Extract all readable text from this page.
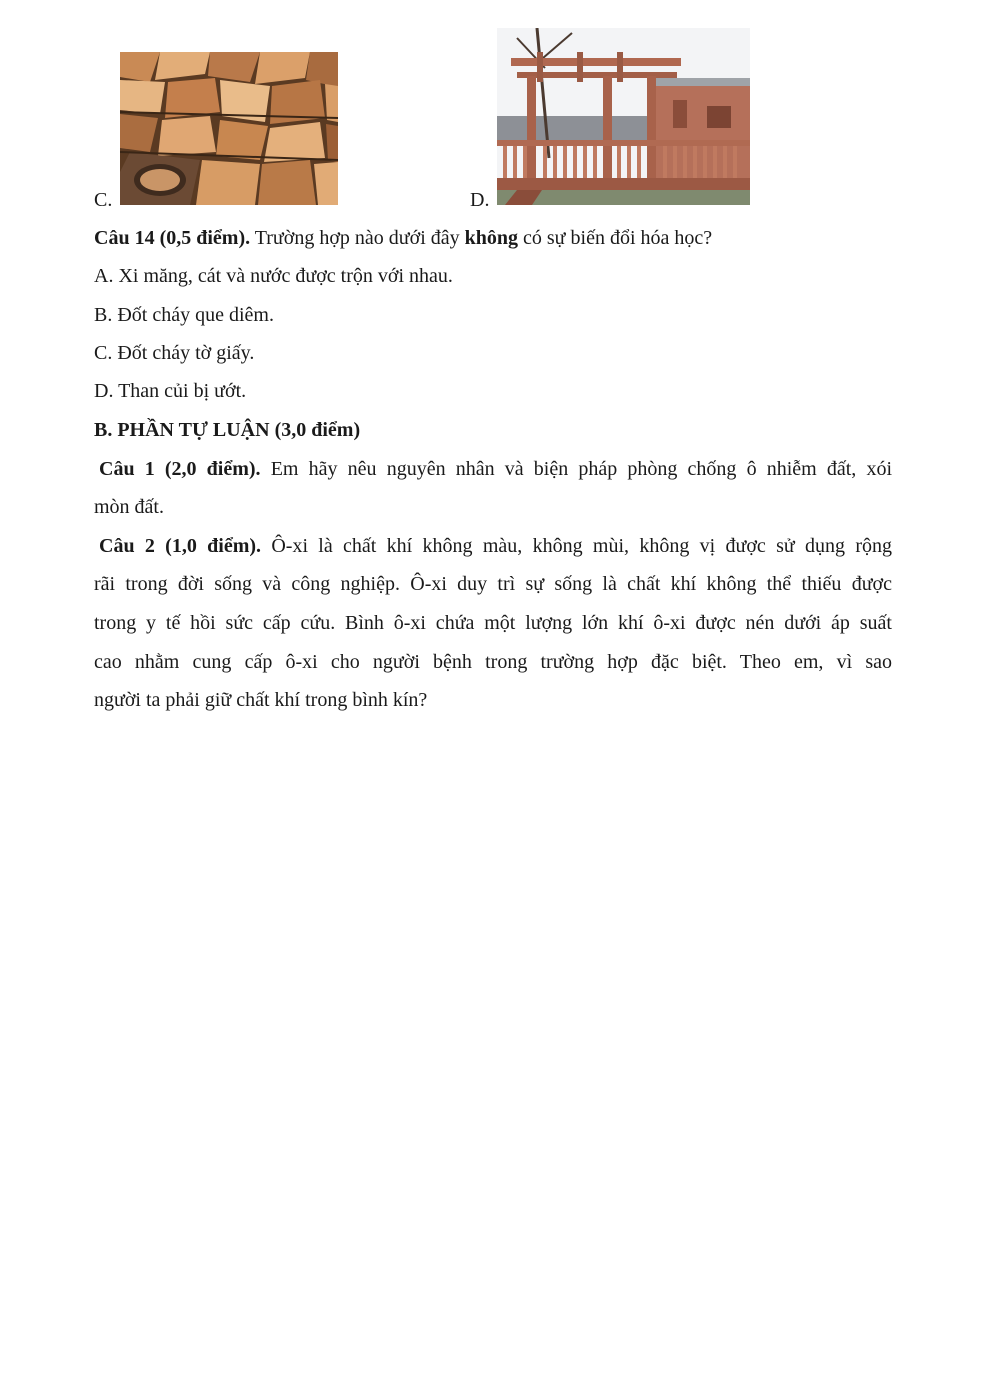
C.	D.
Câu 14 (0,5 điểm). Trường hợp nào dưới đây không có sự biến đổi hóa học?
A. Xi măng, cát và nước được trộn với nhau.
B. Đốt cháy que diêm.
C. Đốt cháy tờ giấy.
D. Than củi bị ướt.
B. PHẦN TỰ LUẬN (3,0 điểm)
Câu 1 (2,0 điểm). Em hãy nêu nguyên nhân và biện pháp phòng chống ô nhiễm đất, xói
mòn đất.
Câu 2 (1,0 điểm). Ô-xi là chất khí không màu, không mùi, không vị được sử dụng rộng
rãi trong đời sống và công nghiệp. Ô-xi duy trì sự sống là chất khí không thể thiếu được
trong y tế hồi sức cấp cứu. Bình ô-xi chứa một lượng lớn khí ô-xi được nén dưới áp suất
cao nhằm cung cấp ô-xi cho người bệnh trong trường hợp đặc biệt. Theo em, vì sao
người ta phải giữ chất khí trong bình kín?
